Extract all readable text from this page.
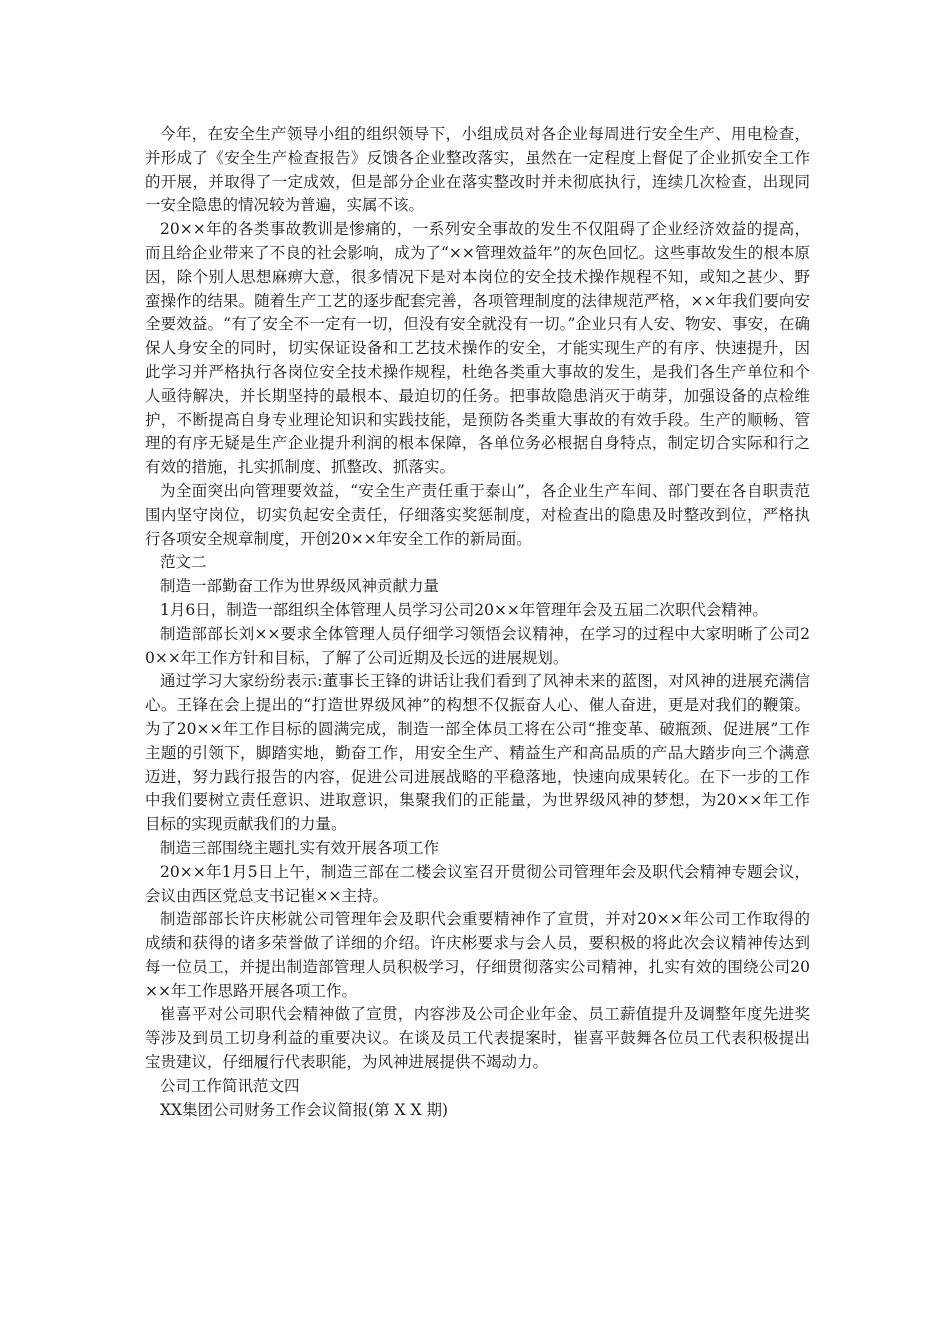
今年，在安全生产领导小组的组织领导下，小组成员对各企业每周进行安全生产、用电检查，并形成了《安全生产检查报告》反馈各企业整改落实，虽然在一定程度上督促了企业抓安全工作的开展，并取得了一定成效，但是部分企业在落实整改时并未彻底执行，连续几次检查，出现同一安全隐患的情况较为普遍，实属不该。

20××年的各类事故教训是惨痛的，一系列安全事故的发生不仅阻碍了企业经济效益的提高，而且给企业带来了不良的社会影响，成为了“××管理效益年”的灰色回忆。这些事故发生的根本原因，除个别人思想麻痹大意，很多情况下是对本岗位的安全技术操作规程不知，或知之甚少、野蛮操作的结果。随着生产工艺的逐步配套完善，各项管理制度的法律规范严格，××年我们要向安全要效益。“有了安全不一定有一切，但没有安全就没有一切。”企业只有人安、物安、事安，在确保人身安全的同时，切实保证设备和工艺技术操作的安全，才能实现生产的有序、快速提升，因此学习并严格执行各岗位安全技术操作规程，杜绝各类重大事故的发生，是我们各生产单位和个人亟待解决，并长期坚持的最根本、最迫切的任务。把事故隐患消灭于萌芽，加强设备的点检维护，不断提高自身专业理论知识和实践技能，是预防各类重大事故的有效手段。生产的顺畅、管理的有序无疑是生产企业提升利润的根本保障，各单位务必根据自身特点，制定切合实际和行之有效的措施，扎实抓制度、抓整改、抓落实。

为全面突出向管理要效益，“安全生产责任重于泰山”，各企业生产车间、部门要在各自职责范围内坚守岗位，切实负起安全责任，仔细落实奖惩制度，对检查出的隐患及时整改到位，严格执行各项安全规章制度，开创20××年安全工作的新局面。

范文二

制造一部勤奋工作为世界级风神贡献力量

1月6日，制造一部组织全体管理人员学习公司20××年管理年会及五届二次职代会精神。

制造部部长刘××要求全体管理人员仔细学习领悟会议精神，在学习的过程中大家明晰了公司20××年工作方针和目标，了解了公司近期及长远的进展规划。

通过学习大家纷纷表示:董事长王锋的讲话让我们看到了风神未来的蓝图，对风神的进展充满信心。王锋在会上提出的“打造世界级风神”的构想不仅振奋人心、催人奋进，更是对我们的鞭策。为了20××年工作目标的圆满完成，制造一部全体员工将在公司“推变革、破瓶颈、促进展”工作主题的引领下，脚踏实地，勤奋工作，用安全生产、精益生产和高品质的产品大踏步向三个满意迈进，努力践行报告的内容，促进公司进展战略的平稳落地，快速向成果转化。在下一步的工作中我们要树立责任意识、进取意识，集聚我们的正能量，为世界级风神的梦想，为20××年工作目标的实现贡献我们的力量。

制造三部围绕主题扎实有效开展各项工作

20××年1月5日上午，制造三部在二楼会议室召开贯彻公司管理年会及职代会精神专题会议，会议由西区党总支书记崔××主持。

制造部部长许庆彬就公司管理年会及职代会重要精神作了宣贯，并对20××年公司工作取得的成绩和获得的诸多荣誉做了详细的介绍。许庆彬要求与会人员，要积极的将此次会议精神传达到每一位员工，并提出制造部管理人员积极学习，仔细贯彻落实公司精神，扎实有效的围绕公司20××年工作思路开展各项工作。

崔喜平对公司职代会精神做了宣贯，内容涉及公司企业年金、员工薪值提升及调整年度先进奖等涉及到员工切身利益的重要决议。在谈及员工代表提案时，崔喜平鼓舞各位员工代表积极提出宝贵建议，仔细履行代表职能，为风神进展提供不竭动力。

公司工作简讯范文四

XX集团公司财务工作会议简报(第 X X 期)
